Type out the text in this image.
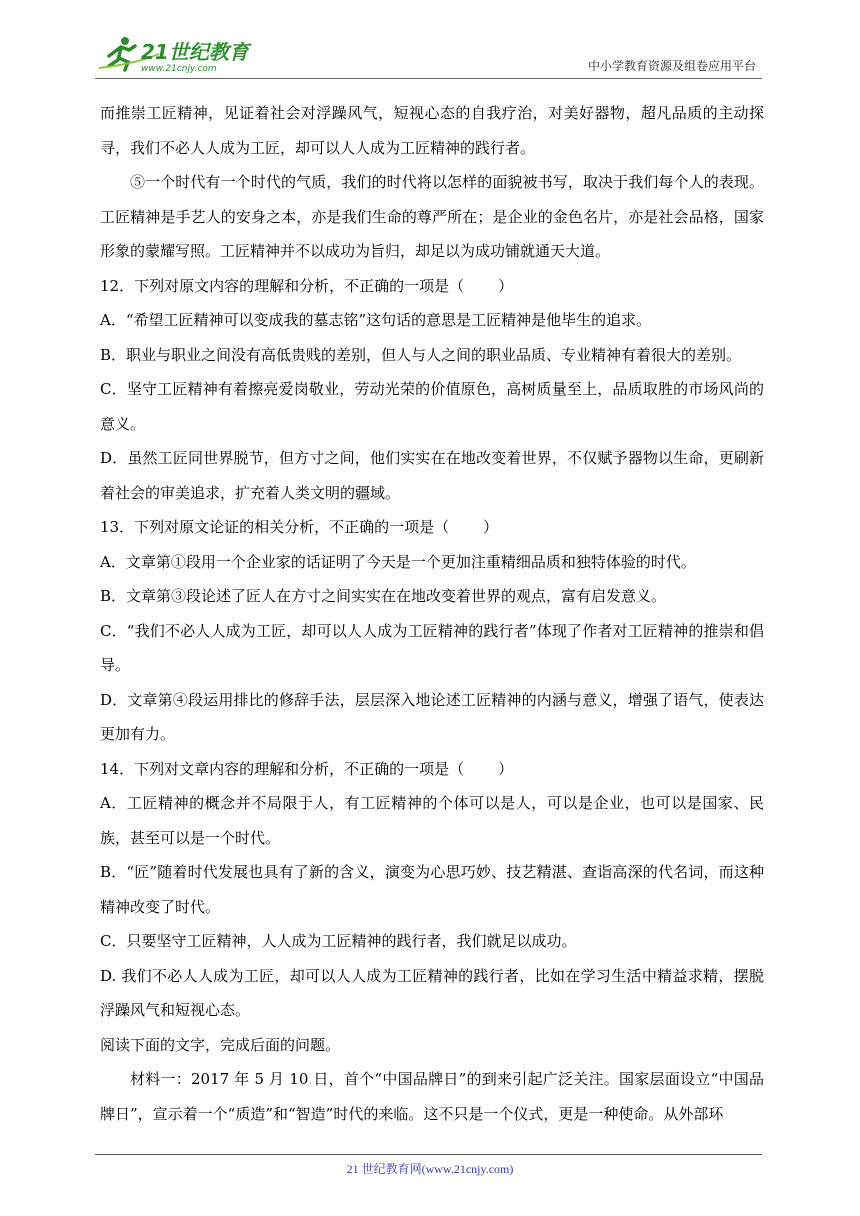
21世纪教育
www.21cnjy.com	中小学教育资源及组卷应用平台

而推崇工匠精神，见证着社会对浮躁风气，短视心态的自我疗治，对美好器物，超凡品质的主动探寻，我们不必人人成为工匠，却可以人人成为工匠精神的践行者。

⑤一个时代有一个时代的气质，我们的时代将以怎样的面貌被书写，取决于我们每个人的表现。工匠精神是手艺人的安身之本，亦是我们生命的尊严所在；是企业的金色名片，亦是社会品格，国家形象的蒙耀写照。工匠精神并不以成功为旨归，却足以为成功铺就通天大道。

12．下列对原文内容的理解和分析，不正确的一项是（ ）

A．“希望工匠精神可以变成我的墓志铭”这句话的意思是工匠精神是他毕生的追求。

B．职业与职业之间没有高低贵贱的差别，但人与人之间的职业品质、专业精神有着很大的差别。

C．坚守工匠精神有着擦亮爱岗敬业，劳动光荣的价值原色，高树质量至上，品质取胜的市场风尚的意义。

D．虽然工匠同世界脱节，但方寸之间，他们实实在在地改变着世界，不仅赋予器物以生命，更刷新着社会的审美追求，扩充着人类文明的疆域。

13．下列对原文论证的相关分析，不正确的一项是（ ）

A．文章第①段用一个企业家的话证明了今天是一个更加注重精细品质和独特体验的时代。

B．文章第③段论述了匠人在方寸之间实实在在地改变着世界的观点，富有启发意义。

C．“我们不必人人成为工匠，却可以人人成为工匠精神的践行者”体现了作者对工匠精神的推崇和倡导。

D．文章第④段运用排比的修辞手法，层层深入地论述工匠精神的内涵与意义，增强了语气，使表达更加有力。

14．下列对文章内容的理解和分析，不正确的一项是（ ）

A．工匠精神的概念并不局限于人，有工匠精神的个体可以是人，可以是企业，也可以是国家、民族，甚至可以是一个时代。

B．“匠”随着时代发展也具有了新的含义，演变为心思巧妙、技艺精湛、查诣高深的代名词，而这种精神改变了时代。

C．只要坚守工匠精神，人人成为工匠精神的践行者，我们就足以成功。

D. 我们不必人人成为工匠，却可以人人成为工匠精神的践行者，比如在学习生活中精益求精，摆脱浮躁风气和短视心态。

阅读下面的文字，完成后面的问题。

材料一：2017 年 5 月 10 日，首个“中国品牌日”的到来引起广泛关注。国家层面设立“中国品牌日”，宣示着一个“质造”和“智造”时代的来临。这不只是一个仪式，更是一种使命。从外部环

21 世纪教育网(www.21cnjy.com)
